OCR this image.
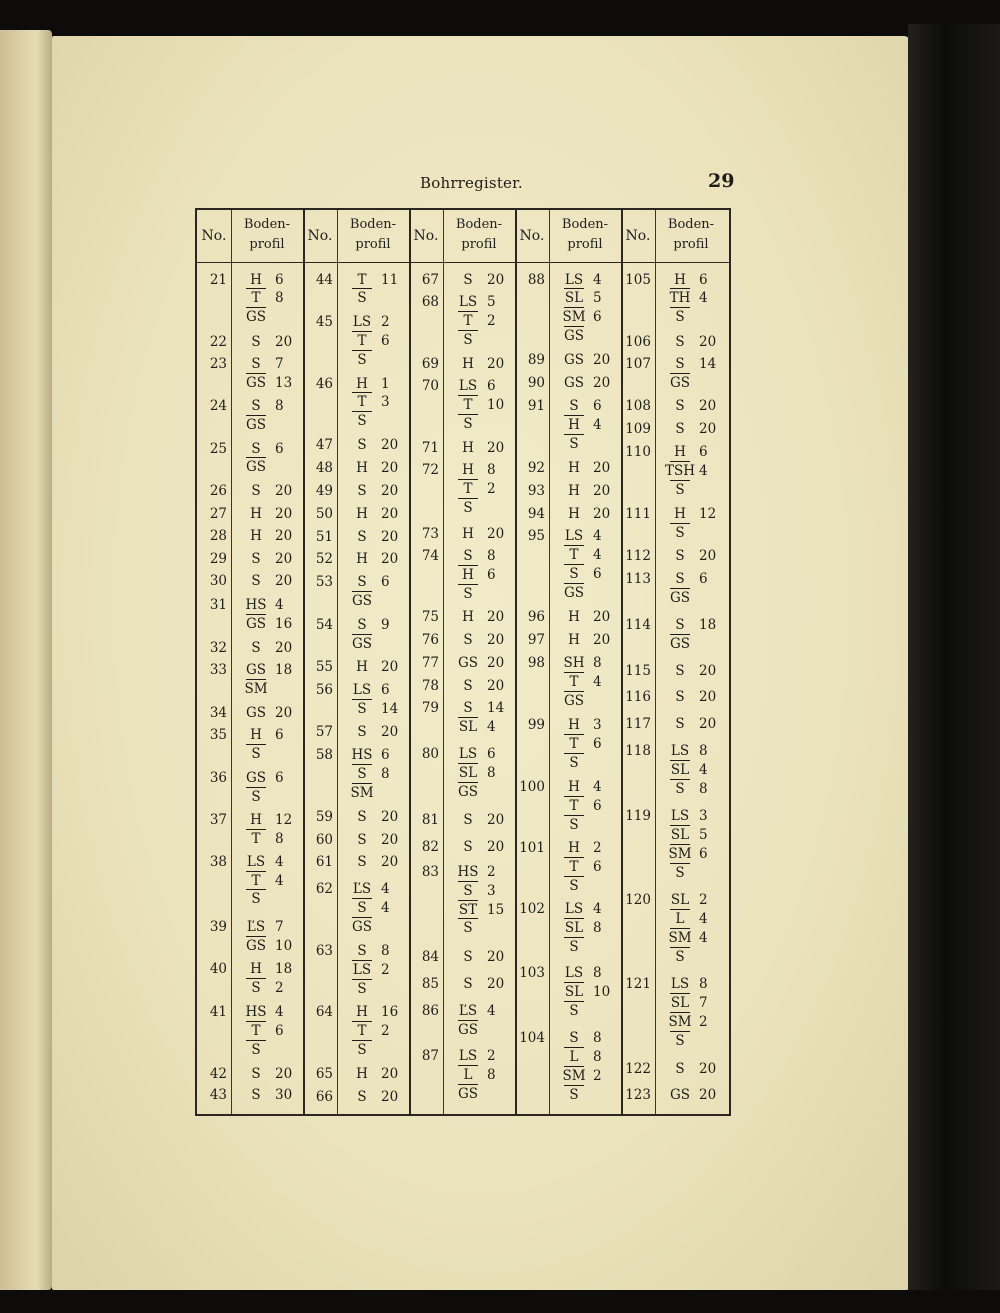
Bohrregister.	29
No.
Boden-
profil
No.
Boden-
profil
No.
Boden-
profil
No.
Boden-
profil
No.
Boden-
profil
21	H 6
T	8
GS
22	S	20
23	S	7
GS 13
24	S	8
GS
25	S	6
GS
26	S	20
27	H 20
28	H 20
29	S	20
30	S	20
31	HS 4
GS 16
32	S	20
33	GS 18
SM
34	GS 20
35	H 6
S
36	GS 6
S
37	H 12
T	8
38	LS 4
T	4
S
39	ĽS 7
GS 10
40	H 18
S	2
41	HS 4
T	6
S
42	S	20
43	S	30
44	T	11
S
45	LS 2
T	6
S
46	H 1
T	3
S
47	S	20
48	H 20
49	S	20
50	H 20
51	S	20
52	H 20
53	S	6
GS
54	S	9
GS
55	H 20
56	LS 6
S	14
57	S	20
58	HS 6
S	8
SM
59	S	20
60	S	20
61	S	20
62	ĽS 4
S	4
GS
63	S	8
LS 2
S
64	H 16
T	2
S
65	H 20
66	S	20
67	S	20
68	LS 5
T	2
S
69	H 20
70	LS 6
T	10
S
71	H 20
72	H 8
T	2
S
73	H 20
74	S	8
H 6
S
75	H 20
76	S	20
77	GS 20
78	S	20
79	S	14
SL 4
80	LS 6
SL 8
GS
81	S	20
82	S	20
83	HS 2
S	3
ST 15
S
84	S	20
85	S	20
86	ĽS 4
GS
87	LS 2
L	8
GS
88	LS 4
SL 5
SM 6
GS
89	GS 20
90	GS 20
91	S	6
H 4
S
92	H 20
93	H 20
94	H 20
95	LS 4
T	4
S	6
GS
96	H 20
97	H 20
98	SH 8
T	4
GS
99	H 3
T	6
S
100	H 4
T	6
S
101	H 2
T	6
S
102	LS 4
SL 8
S
103	LS 8
SL 10
S
104	S	8
L	8
SM 2
S
105	H 6
TH 4
S
106	S	20
107	S	14
GS
108	S	20
109	S	20
110	H 6
TSH 4
S
111	H 12
S
112	S	20
113	S	6
GS
114	S	18
GS
115	S	20
116	S	20
117	S	20
118	LS 8
SL 4
S	8
119	LS 3
SL 5
SM 6
S
120	SL 2
L	4
SM 4
S
121	LS 8
SL 7
SM 2
S
122	S	20
123	GS 20
